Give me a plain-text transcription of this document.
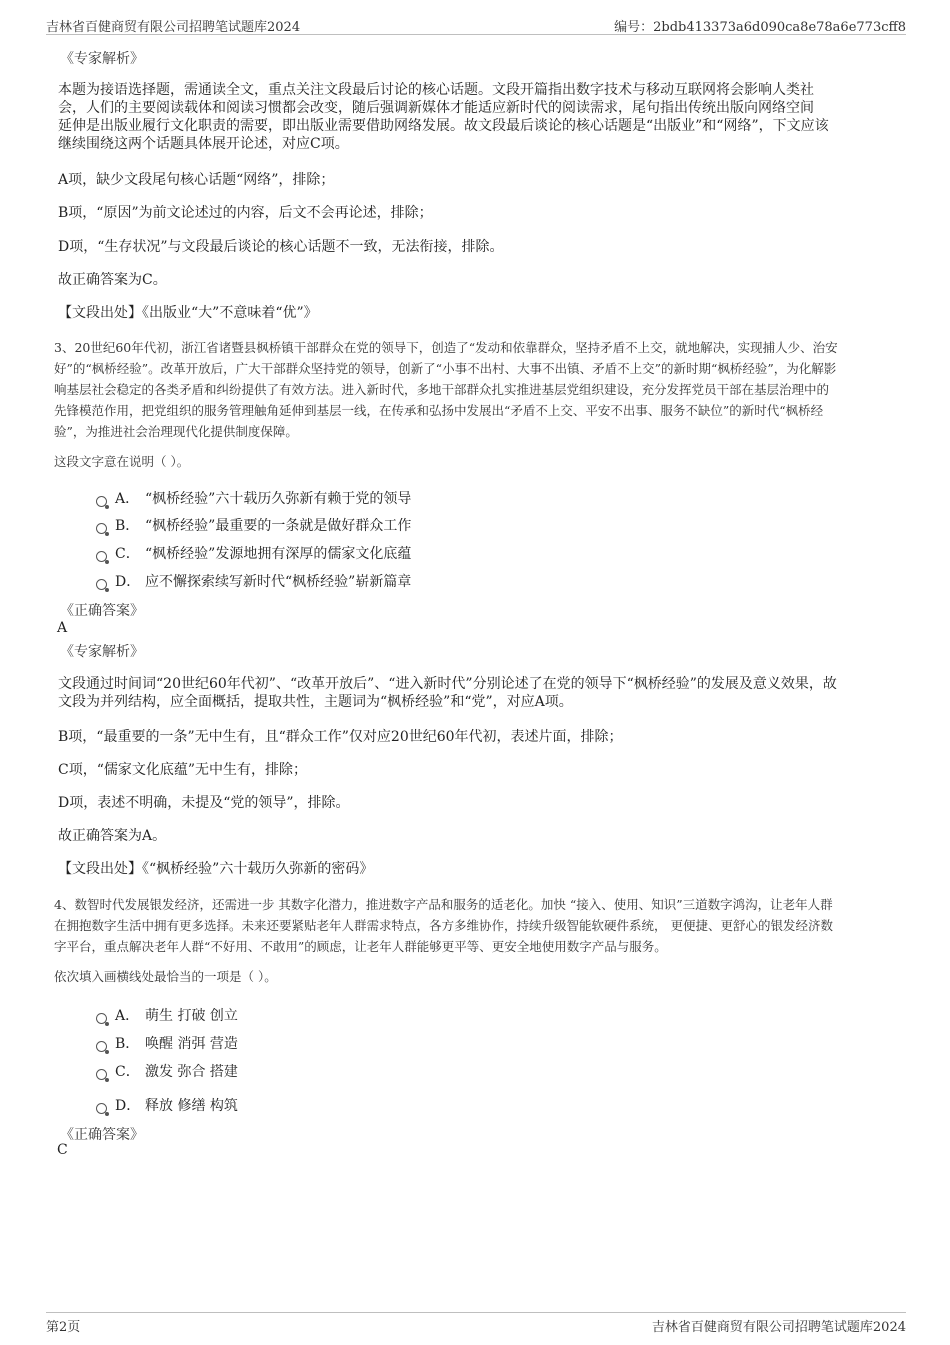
吉林省百健商贸有限公司招聘笔试题库2024	编号：2bdb413373a6d090ca8e78a6e773cff8
《专家解析》
本题为接语选择题，需通读全文，重点关注文段最后讨论的核心话题。文段开篇指出数字技术与移动互联网将会影响人类社
会，人们的主要阅读载体和阅读习惯都会改变，随后强调新媒体才能适应新时代的阅读需求，尾句指出传统出版向网络空间
延伸是出版业履行文化职责的需要，即出版业需要借助网络发展。故文段最后谈论的核心话题是“出版业”和“网络”，下文应该
继续围绕这两个话题具体展开论述，对应C项。
A项，缺少文段尾句核心话题“网络”，排除；
B项，“原因”为前文论述过的内容，后文不会再论述，排除；
D项，“生存状况”与文段最后谈论的核心话题不一致，无法衔接，排除。
故正确答案为C。
【文段出处】《出版业“大”不意味着“优”》
3、20世纪60年代初，浙江省诸暨县枫桥镇干部群众在党的领导下，创造了“发动和依靠群众，坚持矛盾不上交，就地解决，实现捕人少、治安
好”的“枫桥经验”。改革开放后，广大干部群众坚持党的领导，创新了“小事不出村、大事不出镇、矛盾不上交”的新时期“枫桥经验”，为化解影
响基层社会稳定的各类矛盾和纠纷提供了有效方法。进入新时代，多地干部群众扎实推进基层党组织建设，充分发挥党员干部在基层治理中的
先锋模范作用，把党组织的服务管理触角延伸到基层一线，在传承和弘扬中发展出“矛盾不上交、平安不出事、服务不缺位”的新时代“枫桥经
验”，为推进社会治理现代化提供制度保障。
这段文字意在说明（ ）。
A． “枫桥经验”六十载历久弥新有赖于党的领导
B． “枫桥经验”最重要的一条就是做好群众工作
C． “枫桥经验”发源地拥有深厚的儒家文化底蕴
D． 应不懈探索续写新时代“枫桥经验”崭新篇章
《正确答案》
A
《专家解析》
文段通过时间词“20世纪60年代初”、“改革开放后”、“进入新时代”分别论述了在党的领导下“枫桥经验”的发展及意义效果，故
文段为并列结构，应全面概括，提取共性，主题词为“枫桥经验”和“党”，对应A项。
B项，“最重要的一条”无中生有，且“群众工作”仅对应20世纪60年代初，表述片面，排除；
C项，“儒家文化底蕴”无中生有，排除；
D项，表述不明确，未提及“党的领导”，排除。
故正确答案为A。
【文段出处】《“枫桥经验”六十载历久弥新的密码》
4、数智时代发展银发经济，还需进一步 其数字化潜力，推进数字产品和服务的适老化。加快 “接入、使用、知识”三道数字鸿沟，让老年人群
在拥抱数字生活中拥有更多选择。未来还要紧贴老年人群需求特点，各方多维协作，持续升级智能软硬件系统， 更便捷、更舒心的银发经济数
字平台，重点解决老年人群“不好用、不敢用”的顾虑，让老年人群能够更平等、更安全地使用数字产品与服务。
依次填入画横线处最恰当的一项是（ ）。
A． 萌生 打破 创立
B． 唤醒 消弭 营造
C． 激发 弥合 搭建
D． 释放 修缮 构筑
《正确答案》
C
第2页	吉林省百健商贸有限公司招聘笔试题库2024
